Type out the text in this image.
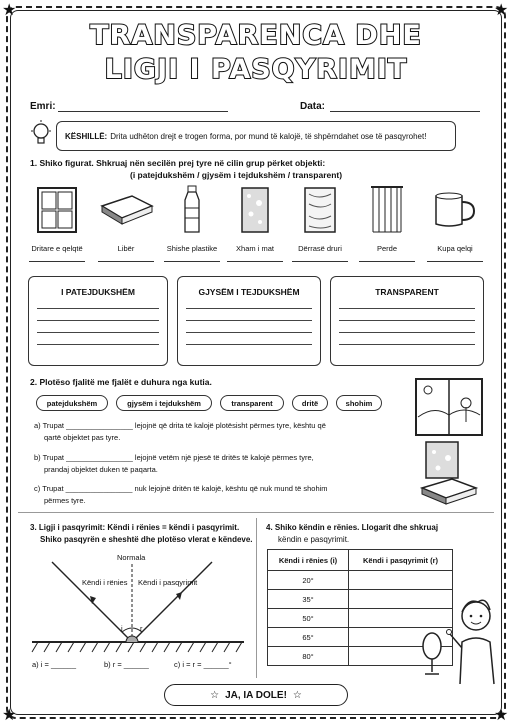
★	★
★	★
TRANSPARENCA DHE
LIGJI I PASQYRIMIT
Emri:	Data:
KËSHILLË: Drita udhëton drejt e trogen forma, por mund të kalojë, të shpërndahet ose të pasqyrohet!
1. Shiko figurat. Shkruaj nën secilën prej tyre në cilin grup përket objekti:
(i patejdukshëm / gjysëm i tejdukshëm / transparent)
Dritare e qelqtë	Libër	Shishe plastike	Xham i mat	Dërrasë druri	Perde	Kupa qelqi
I PATEJDUKSHËM	GJYSËM I TEJDUKSHËM	TRANSPARENT
2. Plotëso fjalitë me fjalët e duhura nga kutia.
patejdukshëm	gjysëm i tejdukshëm	transparent	dritë	shohim
a) Trupat ________________ lejojnë që drita të kalojë plotësisht përmes tyre, kështu që
qartë objektet pas tyre.
b) Trupat ________________ lejojnë vetëm një pjesë të dritës të kalojë përmes tyre,
prandaj objektet duken të paqarta.
c) Trupat ________________ nuk lejojnë dritën të kalojë, kështu që nuk mund të shohim
përmes tyre.
3. Ligji i pasqyrimit: Këndi i rënies = këndi i pasqyrimit.
Shiko pasqyrën e sheshtë dhe plotëso vlerat e këndeve.
Normala
Këndi i rënies Këndi i pasqyrimit
i r
a) i = ______	b) r = ______	c) i = r = ______°
4. Shiko këndin e rënies. Llogarit dhe shkruaj
këndin e pasqyrimit.
Këndi i rënies (i)	Këndi i pasqyrimit (r)
20°	
35°	
50°	
65°	
80°	
☆ JA, IA DOLE! ☆
